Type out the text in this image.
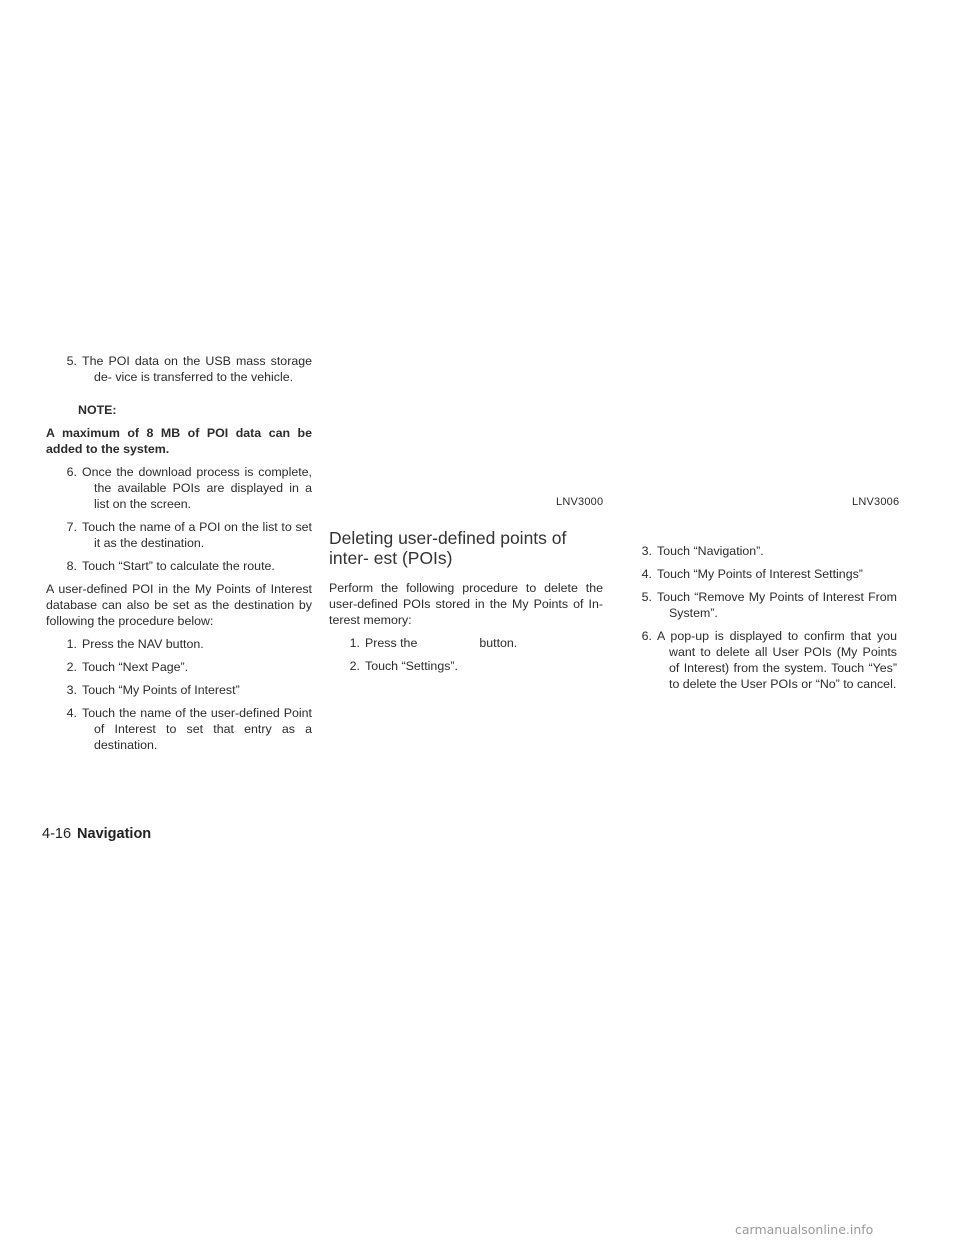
5. The POI data on the USB mass storage de- vice is transferred to the vehicle.
NOTE:
A maximum of 8 MB of POI data can be added to the system.
6. Once the download process is complete, the available POIs are displayed in a list on the screen.
7. Touch the name of a POI on the list to set it as the destination.
8. Touch “Start” to calculate the route.
A user-defined POI in the My Points of Interest database can also be set as the destination by following the procedure below:
1. Press the NAV button.
2. Touch “Next Page”.
3. Touch “My Points of Interest”
4. Touch the name of the user-defined Point of Interest to set that entry as a destination.
LNV3000	LNV3006
Deleting user-defined points of inter- est (POIs)
Perform the following procedure to delete the user-defined POIs stored in the My Points of In- terest memory:
1. Press the	button.
2. Touch “Settings”.
3. Touch “Navigation”.
4. Touch “My Points of Interest Settings”
5. Touch “Remove My Points of Interest From System”.
6. A pop-up is displayed to confirm that you want to delete all User POIs (My Points of Interest) from the system. Touch “Yes” to delete the User POIs or “No” to cancel.
4-16 Navigation
carmanualsonline.info
